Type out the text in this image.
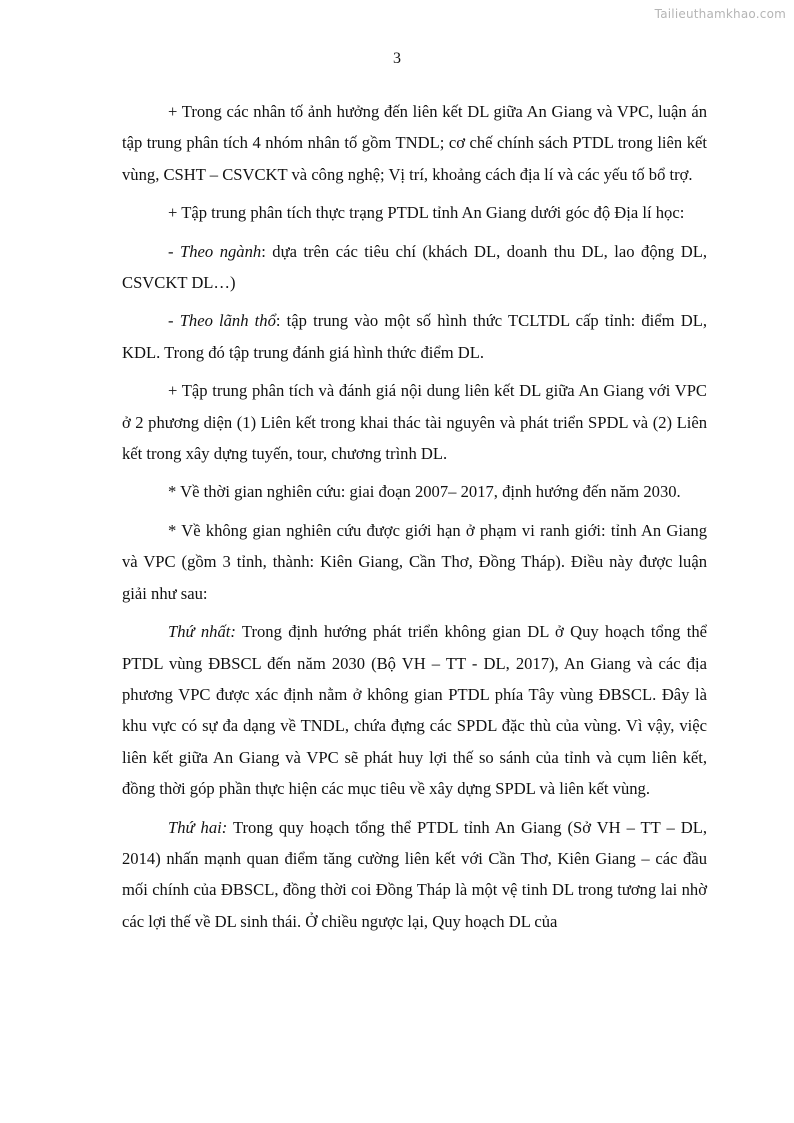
Tailieuthamkhao.com
3

+ Trong các nhân tố ảnh hưởng đến liên kết DL giữa An Giang và VPC, luận án tập trung phân tích 4 nhóm nhân tố gồm TNDL; cơ chế chính sách PTDL trong liên kết vùng, CSHT – CSVCKT và công nghệ; Vị trí, khoảng cách địa lí và các yếu tố bổ trợ.

+ Tập trung phân tích thực trạng PTDL tỉnh An Giang dưới góc độ Địa lí học:

- Theo ngành: dựa trên các tiêu chí (khách DL, doanh thu DL, lao động DL, CSVCKT DL…)

- Theo lãnh thổ: tập trung vào một số hình thức TCLTDL cấp tỉnh: điểm DL, KDL. Trong đó tập trung đánh giá hình thức điểm DL.

+ Tập trung phân tích và đánh giá nội dung liên kết DL giữa An Giang với VPC ở 2 phương diện (1) Liên kết trong khai thác tài nguyên và phát triển SPDL và (2) Liên kết trong xây dựng tuyến, tour, chương trình DL.

* Về thời gian nghiên cứu: giai đoạn 2007– 2017, định hướng đến năm 2030.

* Về không gian nghiên cứu được giới hạn ở phạm vi ranh giới: tỉnh An Giang và VPC (gồm 3 tỉnh, thành: Kiên Giang, Cần Thơ, Đồng Tháp). Điều này được luận giải như sau:

Thứ nhất: Trong định hướng phát triển không gian DL ở Quy hoạch tổng thể PTDL vùng ĐBSCL đến năm 2030 (Bộ VH – TT - DL, 2017), An Giang và các địa phương VPC được xác định nằm ở không gian PTDL phía Tây vùng ĐBSCL. Đây là khu vực có sự đa dạng về TNDL, chứa đựng các SPDL đặc thù của vùng. Vì vậy, việc liên kết giữa An Giang và VPC sẽ phát huy lợi thế so sánh của tỉnh và cụm liên kết, đồng thời góp phần thực hiện các mục tiêu về xây dựng SPDL và liên kết vùng.

Thứ hai: Trong quy hoạch tổng thể PTDL tỉnh An Giang (Sở VH – TT – DL, 2014) nhấn mạnh quan điểm tăng cường liên kết với Cần Thơ, Kiên Giang – các đầu mối chính của ĐBSCL, đồng thời coi Đồng Tháp là một vệ tinh DL trong tương lai nhờ các lợi thế về DL sinh thái. Ở chiều ngược lại, Quy hoạch DL của
